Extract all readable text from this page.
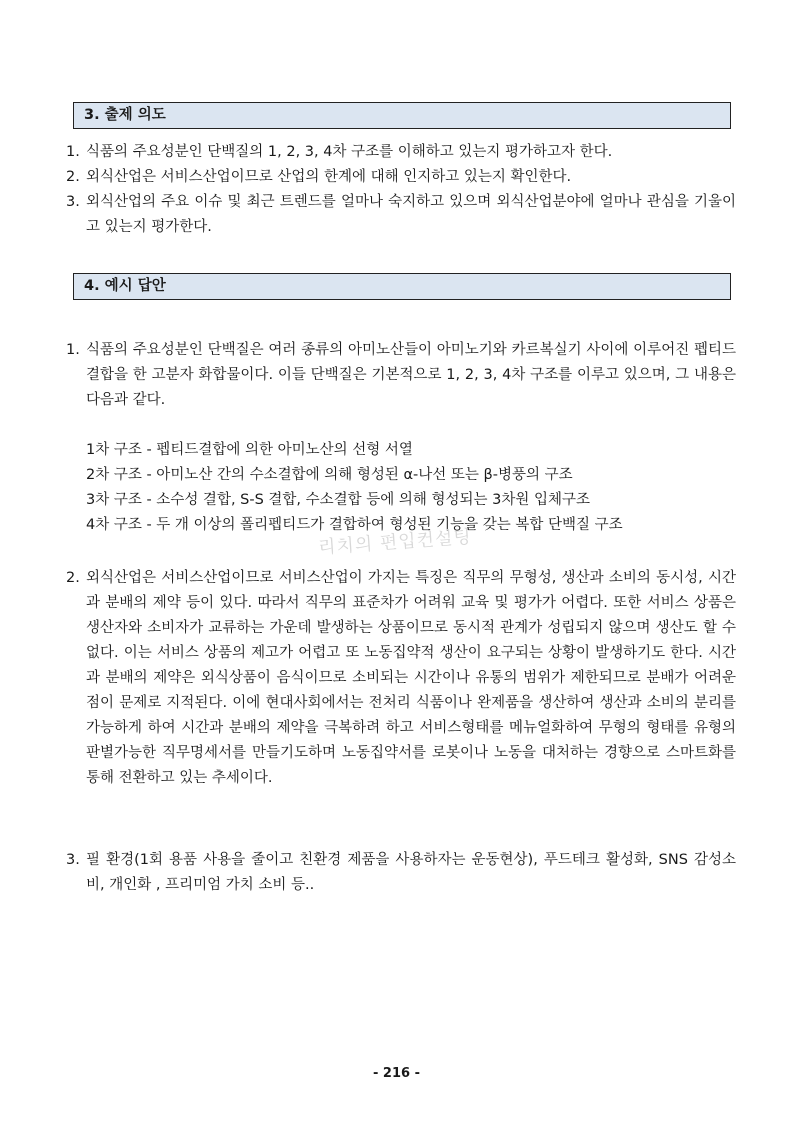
3. 출제 의도
1. 식품의 주요성분인 단백질의 1, 2, 3, 4차 구조를 이해하고 있는지 평가하고자 한다.
2. 외식산업은 서비스산업이므로 산업의 한계에 대해 인지하고 있는지 확인한다.
3. 외식산업의 주요 이슈 및 최근 트렌드를 얼마나 숙지하고 있으며 외식산업분야에 얼마나 관심을 기울이고 있는지 평가한다.
4. 예시 답안
1. 식품의 주요성분인 단백질은 여러 종류의 아미노산들이 아미노기와 카르복실기 사이에 이루어진 펩티드 결합을 한 고분자 화합물이다. 이들 단백질은 기본적으로 1, 2, 3, 4차 구조를 이루고 있으며, 그 내용은 다음과 같다.
1차 구조 - 펩티드결합에 의한 아미노산의 선형 서열
2차 구조 - 아미노산 간의 수소결합에 의해 형성된 α-나선 또는 β-병풍의 구조
3차 구조 - 소수성 결합, S-S 결합, 수소결합 등에 의해 형성되는 3차원 입체구조
4차 구조 - 두 개 이상의 폴리펩티드가 결합하여 형성된 기능을 갖는 복합 단백질 구조
리치의 편입컨설팅
2. 외식산업은 서비스산업이므로 서비스산업이 가지는 특징은 직무의 무형성, 생산과 소비의 동시성, 시간과 분배의 제약 등이 있다. 따라서 직무의 표준차가 어려워 교육 및 평가가 어렵다. 또한 서비스 상품은 생산자와 소비자가 교류하는 가운데 발생하는 상품이므로 동시적 관계가 성립되지 않으며 생산도 할 수 없다. 이는 서비스 상품의 제고가 어렵고 또 노동집약적 생산이 요구되는 상황이 발생하기도 한다. 시간과 분배의 제약은 외식상품이 음식이므로 소비되는 시간이나 유통의 범위가 제한되므로 분배가 어려운 점이 문제로 지적된다. 이에 현대사회에서는 전처리 식품이나 완제품을 생산하여 생산과 소비의 분리를 가능하게 하여 시간과 분배의 제약을 극복하려 하고 서비스형태를 메뉴얼화하여 무형의 형태를 유형의 판별가능한 직무명세서를 만들기도하며 노동집약서를 로봇이나 노동을 대처하는 경향으로 스마트화를 통해 전환하고 있는 추세이다.
3. 필 환경(1회 용품 사용을 줄이고 친환경 제품을 사용하자는 운동현상), 푸드테크 활성화, SNS 감성소비, 개인화 , 프리미엄 가치 소비 등..
- 216 -
